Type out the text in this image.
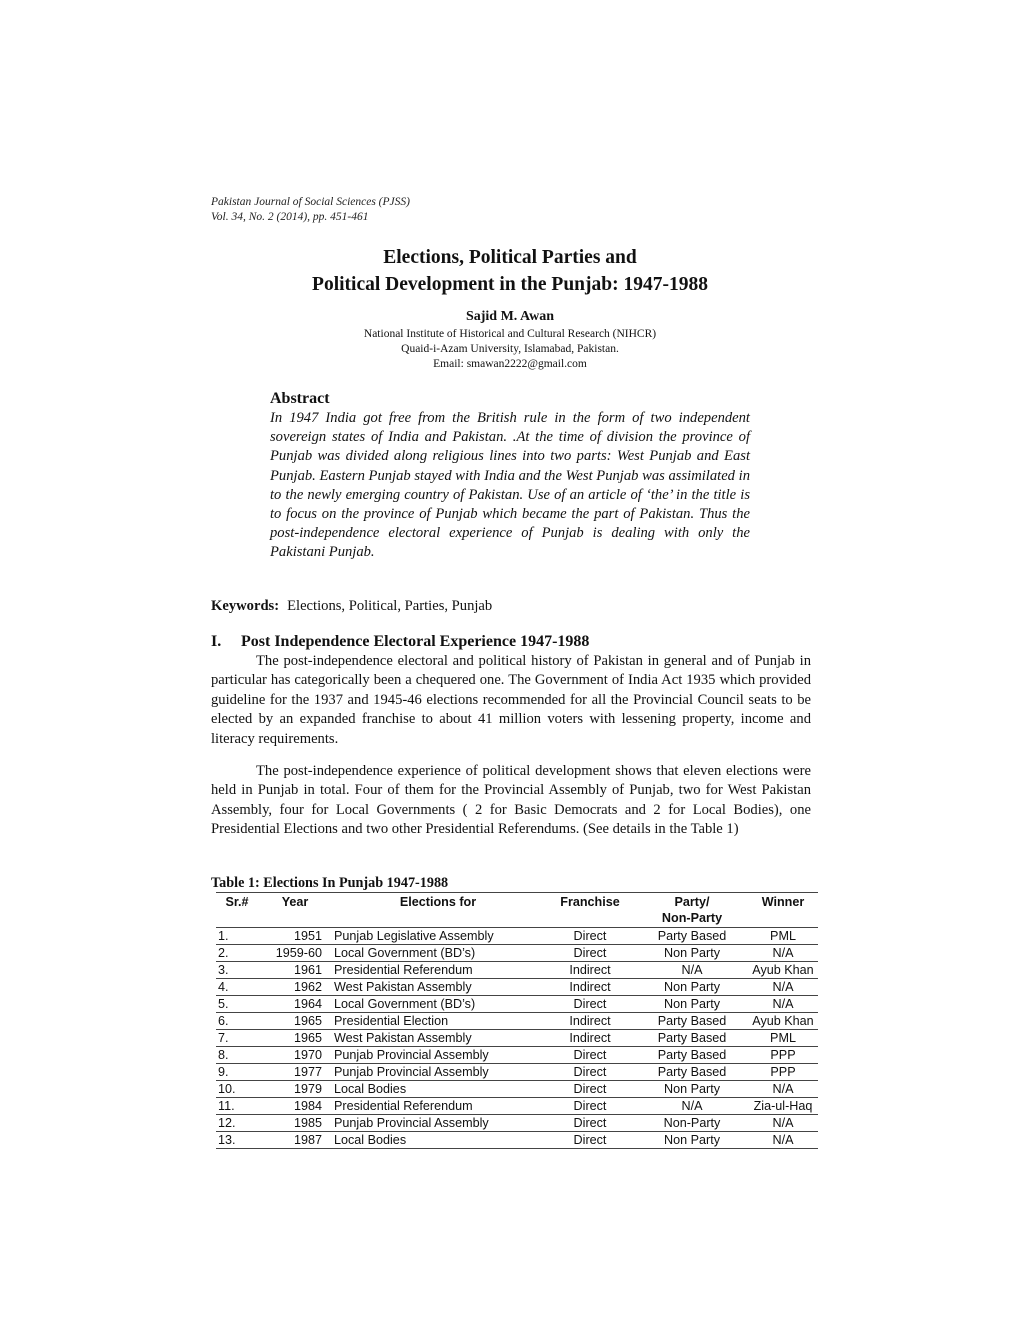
Pakistan Journal of Social Sciences (PJSS)
Vol. 34, No. 2 (2014), pp. 451-461
Elections, Political Parties and
Political Development in the Punjab: 1947-1988
Sajid M. Awan
National Institute of Historical and Cultural Research (NIHCR)
Quaid-i-Azam University, Islamabad, Pakistan.
Email: smawan2222@gmail.com
Abstract
In 1947 India got free from the British rule in the form of two independent sovereign states of India and Pakistan. .At the time of division the province of Punjab was divided along religious lines into two parts: West Punjab and East Punjab. Eastern Punjab stayed with India and the West Punjab was assimilated in to the newly emerging country of Pakistan. Use of an article of ‘the’ in the title is to focus on the province of Punjab which became the part of Pakistan. Thus the post-independence electoral experience of Punjab is dealing with only the Pakistani Punjab.
Keywords: Elections, Political, Parties, Punjab
I. Post Independence Electoral Experience 1947-1988

The post-independence electoral and political history of Pakistan in general and of Punjab in particular has categorically been a chequered one. The Government of India Act 1935 which provided guideline for the 1937 and 1945-46 elections recommended for all the Provincial Council seats to be elected by an expanded franchise to about 41 million voters with lessening property, income and literacy requirements.

The post-independence experience of political development shows that eleven elections were held in Punjab in total. Four of them for the Provincial Assembly of Punjab, two for West Pakistan Assembly, four for Local Governments ( 2 for Basic Democrats and 2 for Local Bodies), one Presidential Elections and two other Presidential Referendums. (See details in the Table 1)

Table 1: Elections In Punjab 1947-1988
Sr.#	Year	Elections for	Franchise	Party/
Non-Party	Winner
1.	1951	Punjab Legislative Assembly	Direct	Party Based	PML
2.	1959-60	Local Government (BD’s)	Direct	Non Party	N/A
3.	1961	Presidential Referendum	Indirect	N/A	Ayub Khan
4.	1962	West Pakistan Assembly	Indirect	Non Party	N/A
5.	1964	Local Government (BD’s)	Direct	Non Party	N/A
6.	1965	Presidential Election	Indirect	Party Based	Ayub Khan
7.	1965	West Pakistan Assembly	Indirect	Party Based	PML
8.	1970	Punjab Provincial Assembly	Direct	Party Based	PPP
9.	1977	Punjab Provincial Assembly	Direct	Party Based	PPP
10.	1979	Local Bodies	Direct	Non Party	N/A
11.	1984	Presidential Referendum	Direct	N/A	Zia-ul-Haq
12.	1985	Punjab Provincial Assembly	Direct	Non-Party	N/A
13.	1987	Local Bodies	Direct	Non Party	N/A
